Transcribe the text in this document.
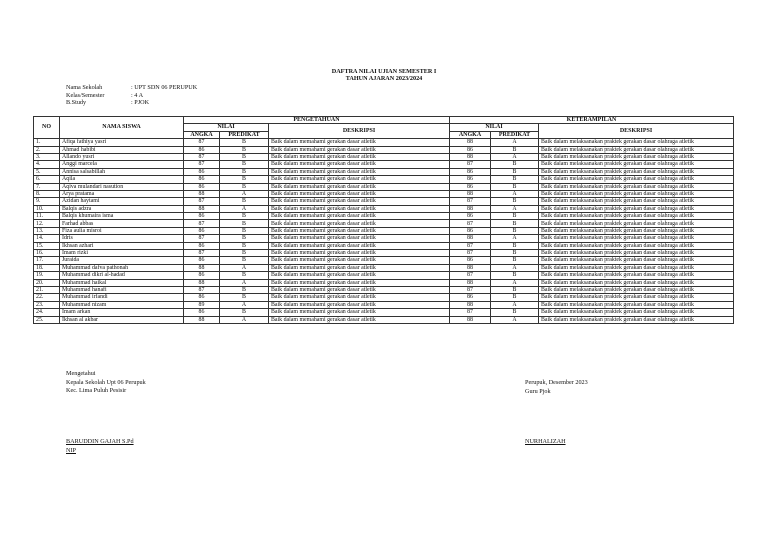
DAFTRA NILAI UJIAN SEMESTER I
TAHUN AJARAN 2023/2024
Nama Sekolah	: UPT SDN 06 PERUPUK
Kelas/Semester	: 4 A
B.Study	: PJOK
NO	NAMA SISWA	PENGETAHUAN			KETERAMPILAN		
		NILAI		DESKRIPSI	NILAI		DESKRIPSI
		ANGKA	PREDIKAT		ANGKA	PREDIKAT	
1.	Afiqa fathiya yasri	87	B	Baik dalam memahami gerakan dasar atletik	88	A	Baik dalam melaksanakan praktek gerakan dasar olahraga atletik
2.	Ahmad habibi	86	B	Baik dalam memahami gerakan dasar atletik	86	B	Baik dalam melaksanakan praktek gerakan dasar olahraga atletik
3.	Allando yusri	87	B	Baik dalam memahami gerakan dasar atletik	88	A	Baik dalam melaksanakan praktek gerakan dasar olahraga atletik
4.	Anggi marcela	87	B	Baik dalam memahami gerakan dasar atletik	87	B	Baik dalam melaksanakan praktek gerakan dasar olahraga atletik
5.	Annisa salsabillah	86	B	Baik dalam memahami gerakan dasar atletik	86	B	Baik dalam melaksanakan praktek gerakan dasar olahraga atletik
6.	Aqila	86	B	Baik dalam memahami gerakan dasar atletik	86	B	Baik dalam melaksanakan praktek gerakan dasar olahraga atletik
7.	Aqiva mulandari nasution	86	B	Baik dalam memahami gerakan dasar atletik	86	B	Baik dalam melaksanakan praktek gerakan dasar olahraga atletik
8.	Arya pratama	88	A	Baik dalam memahami gerakan dasar atletik	88	A	Baik dalam melaksanakan praktek gerakan dasar olahraga atletik
9.	Azidan haytami	87	B	Baik dalam memahami gerakan dasar atletik	87	B	Baik dalam melaksanakan praktek gerakan dasar olahraga atletik
10.	Balqis adzra	88	A	Baik dalam memahami gerakan dasar atletik	88	A	Baik dalam melaksanakan praktek gerakan dasar olahraga atletik
11.	Balqis khumaira isma	86	B	Baik dalam memahami gerakan dasar atletik	86	B	Baik dalam melaksanakan praktek gerakan dasar olahraga atletik
12.	Farhad abbas	87	B	Baik dalam memahami gerakan dasar atletik	87	B	Baik dalam melaksanakan praktek gerakan dasar olahraga atletik
13.	Fiza aulia misroi	86	B	Baik dalam memahami gerakan dasar atletik	86	B	Baik dalam melaksanakan praktek gerakan dasar olahraga atletik
14.	Idris	87	B	Baik dalam memahami gerakan dasar atletik	88	A	Baik dalam melaksanakan praktek gerakan dasar olahraga atletik
15.	Ikhsan azhari	86	B	Baik dalam memahami gerakan dasar atletik	87	B	Baik dalam melaksanakan praktek gerakan dasar olahraga atletik
16.	Imam rizki	87	B	Baik dalam memahami gerakan dasar atletik	87	B	Baik dalam melaksanakan praktek gerakan dasar olahraga atletik
17.	Juraida	86	B	Baik dalam memahami gerakan dasar atletik	86	B	Baik dalam melaksanakan praktek gerakan dasar olahraga atletik
18.	Muhammad dafva pathonah	88	A	Baik dalam memahami gerakan dasar atletik	88	A	Baik dalam melaksanakan praktek gerakan dasar olahraga atletik
19.	Muhammad dikri al-hadad	86	B	Baik dalam memahami gerakan dasar atletik	87	B	Baik dalam melaksanakan praktek gerakan dasar olahraga atletik
20.	Muhammad haikal	88	A	Baik dalam memahami gerakan dasar atletik	88	A	Baik dalam melaksanakan praktek gerakan dasar olahraga atletik
21.	Muhammad hanafi	87	B	Baik dalam memahami gerakan dasar atletik	87	B	Baik dalam melaksanakan praktek gerakan dasar olahraga atletik
22.	Muhammad irfandi	86	B	Baik dalam memahami gerakan dasar atletik	86	B	Baik dalam melaksanakan praktek gerakan dasar olahraga atletik
23.	Muhammad nizam	89	A	Baik dalam memahami gerakan dasar atletik	88	A	Baik dalam melaksanakan praktek gerakan dasar olahraga atletik
24.	Imam arkan	86	B	Baik dalam memahami gerakan dasar atletik	87	B	Baik dalam melaksanakan praktek gerakan dasar olahraga atletik
25.	Ikhsan al akbar	88	A	Baik dalam memahami gerakan dasar atletik	88	A	Baik dalam melaksanakan praktek gerakan dasar olahraga atletik
Mengetahui
Kepala Sekolah Upt 06 Perupuk
Kec. Lima Puluh Pesisir
BARUDDIN GAJAH S.Pd
NIP
Perupuk, Desember 2023
Guru Pjok
NURHALIZAH
